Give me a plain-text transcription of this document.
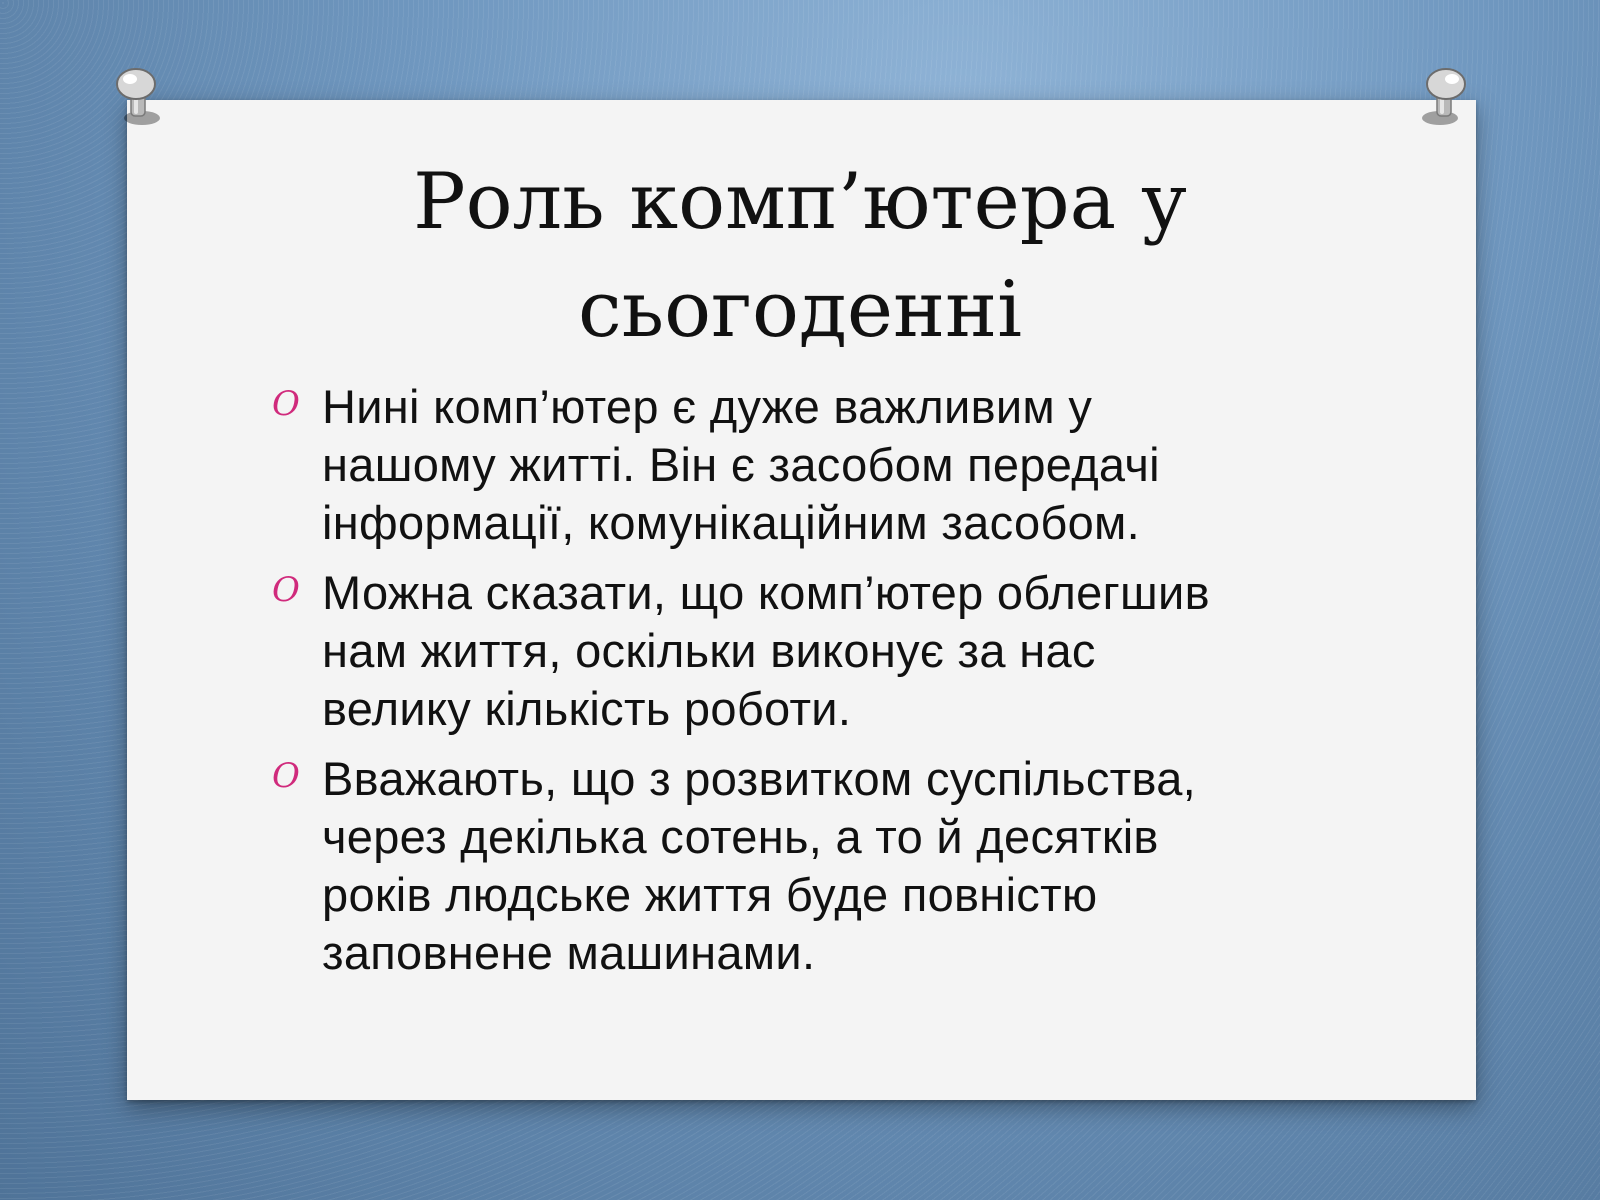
Роль комп’ютера у
сьогоденні
O Нині комп’ютер є дуже важливим у
нашому житті. Він є засобом передачі
інформації, комунікаційним засобом.
O Можна сказати, що комп’ютер облегшив
нам життя, оскільки виконує за нас
велику кількість роботи.
O Вважають, що з розвитком суспільства,
через декілька сотень, а то й десятків
років людське життя буде повністю
заповнене машинами.
